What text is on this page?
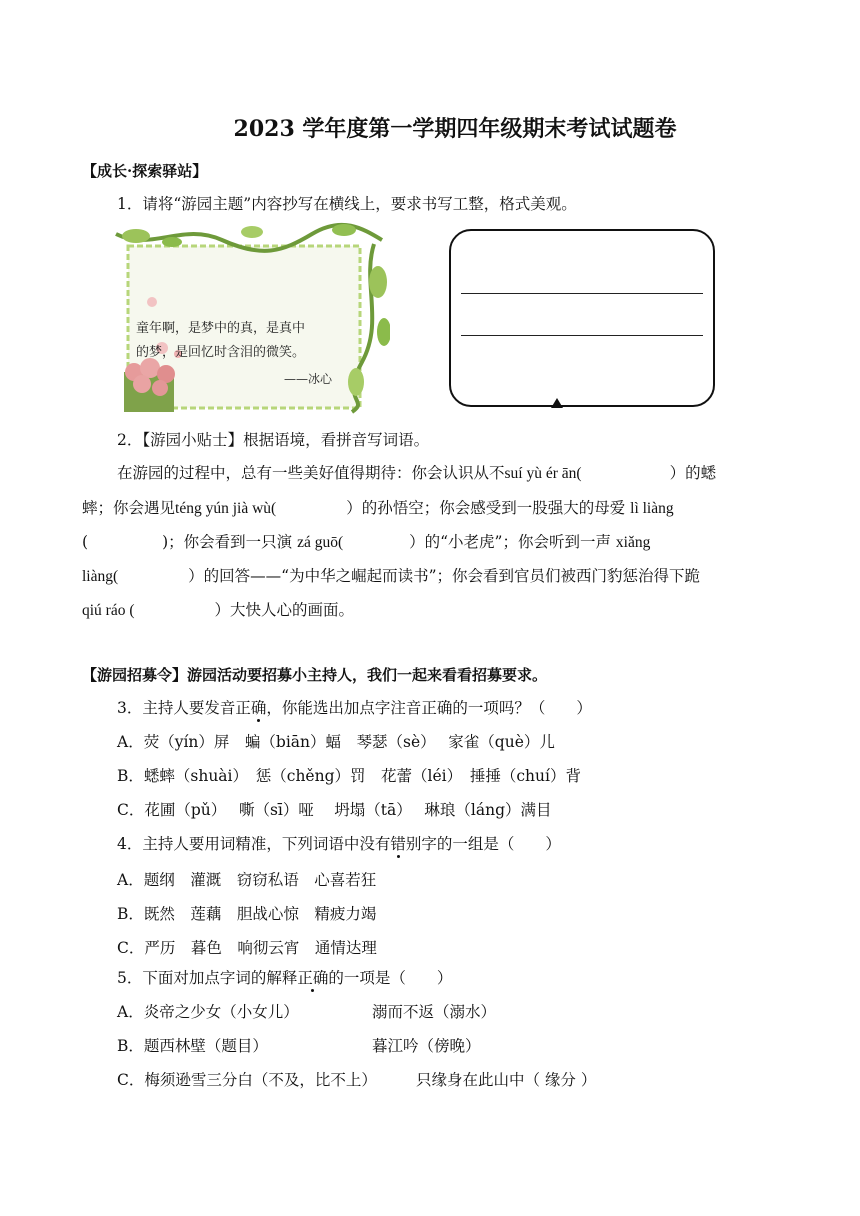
2023 学年度第一学期四年级期末考试试题卷
【成长·探索驿站】
1．请将“游园主题”内容抄写在横线上，要求书写工整，格式美观。
童年啊，是梦中的真，是真中
的梦，是回忆时含泪的微笑。
——冰心
2．【游园小贴士】根据语境，看拼音写词语。
在游园的过程中，总有一些美好值得期待：你会认识从不suí yù ér ān(	）的蟋
蟀；你会遇见téng yún jià wù(	）的孙悟空；你会感受到一股强大的母爱 lì liàng
(	)；你会看到一只演 zá guō(	）的“小老虎”；你会听到一声 xiǎng
liàng(	）的回答——“为中华之崛起而读书”；你会看到官员们被西门豹惩治得下跪
qiú ráo (	）大快人心的画面。
【游园招募令】游园活动要招募小主持人，我们一起来看看招募要求。
3．主持人要发音正确，你能选出加点字注音正确的一项吗？（　　）
A．荧（yín）屏　蝙（biān）蝠　琴瑟（sè）　 家雀（què）儿
B．蟋蟀（shuài）　惩（chěng）罚　花蕾（léi）　捶捶（chuí）背
C．花圃（pǔ）　 嘶（sī）哑　 坍塌（tā）　 琳琅（láng）满目
4．主持人要用词精准，下列词语中没有错别字的一组是（　　）
A．题纲　灌溉　窃窃私语　心喜若狂
B．既然　莲藕　胆战心惊　精疲力竭
C．严历　暮色　响彻云宵　通情达理
5．下面对加点字词的解释正确的一项是（　　）
A．炎帝之少女（小女儿）	溺而不返（溺水）
B．题西林壁（题目）	暮江吟（傍晚）
C．梅须逊雪三分白（不及，比不上）	只缘身在此山中（ 缘分 ）
